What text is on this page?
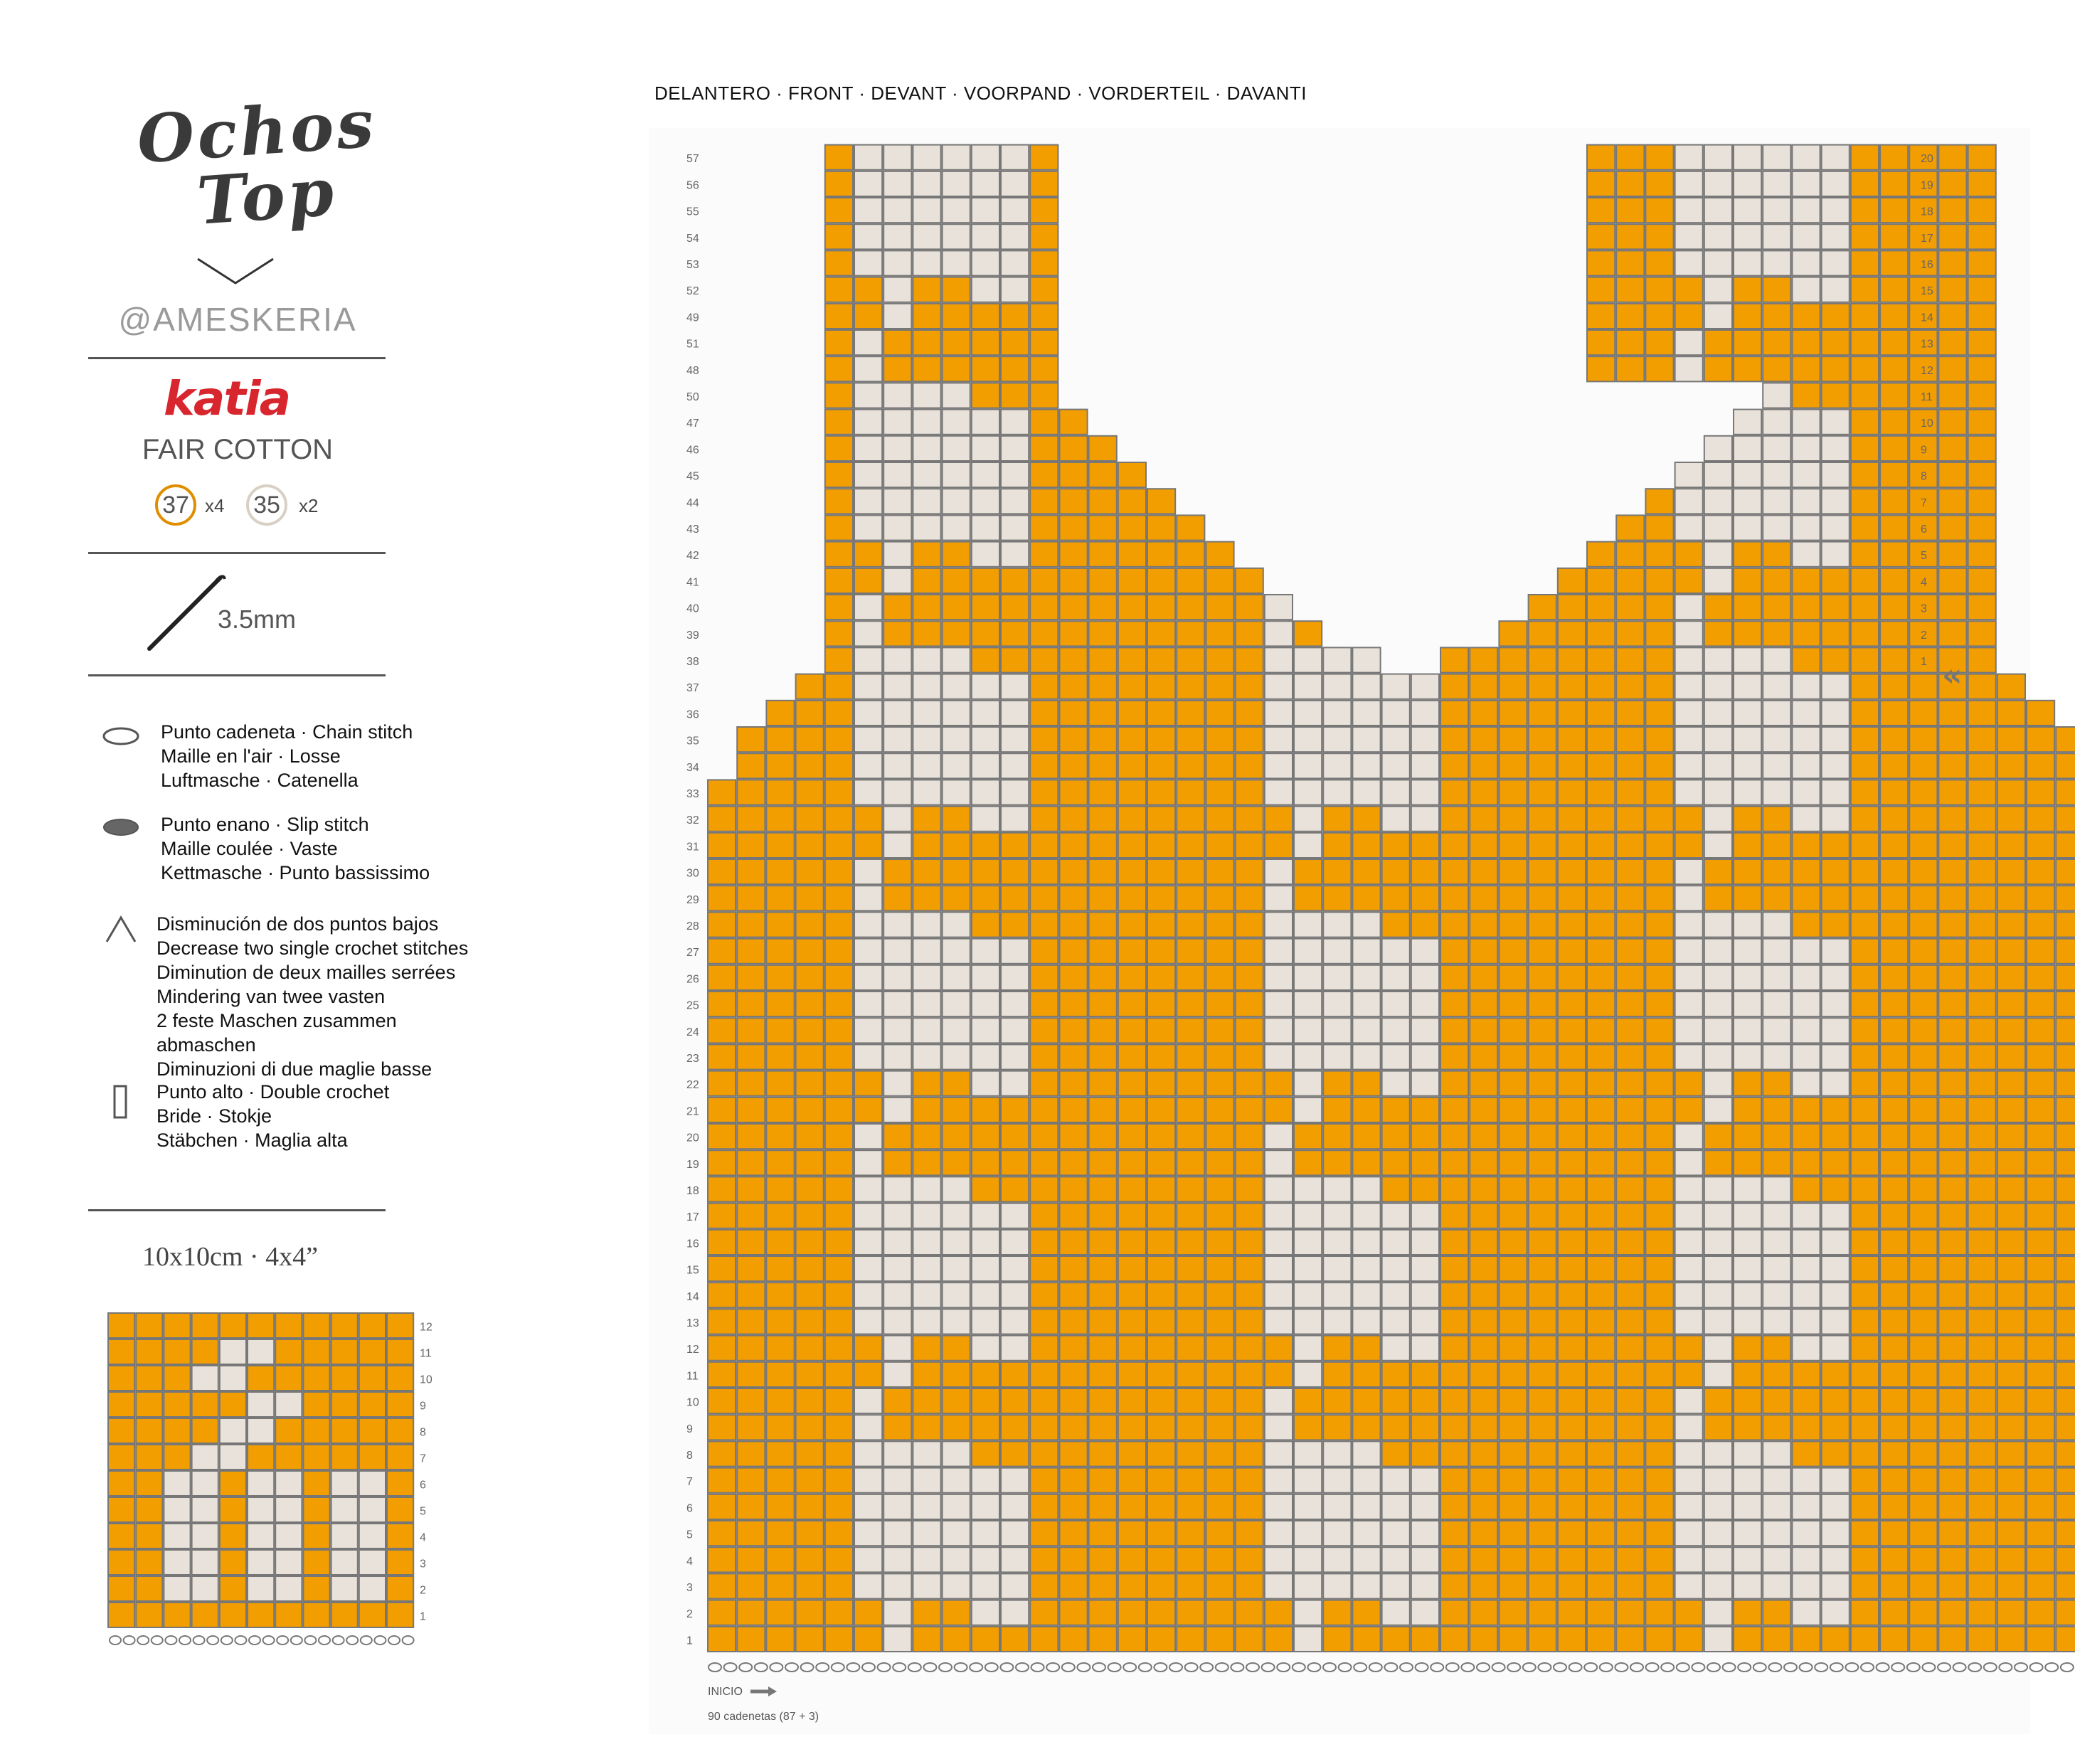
Ochos
Top
@AMESKERIA
katia
FAIR COTTON
37 x4 35	x2
3.5mm
Punto cadeneta · Chain stitch
Maille en l'air · Losse
Luftmasche · Catenella
Punto enano · Slip stitch
Maille coulée · Vaste
Kettmasche · Punto bassissimo
Disminución de dos puntos bajos
Decrease two single crochet stitches
Diminution de deux mailles serrées
Mindering van twee vasten
2 feste Maschen zusammen abmaschen
Diminuzioni di due maglie basse
Punto alto · Double crochet
Bride · Stokje
Stäbchen · Maglia alta
10x10cm · 4x4”
1
2
3
4
5
6
7
8
9
10
11
12
DELANTERO · FRONT · DEVANT · VOORPAND · VORDERTEIL · DAVANTI
1
2
3
4
5
6
7
8
9
10
11
12
13
14
15
16
17
18
19
20
21
22
23
24
25
26
27
28
29
30
31
32
33
34
35
36
37
38
39
40
41
42
43
44
45
46
47
50
48
51
49
52
53
54
55
56
57
1
2
3
4
5
6
7
8
9
10
11
12
13
14
15
16
17
18
19
20
«
INICIO
90 cadenetas (87 + 3)
